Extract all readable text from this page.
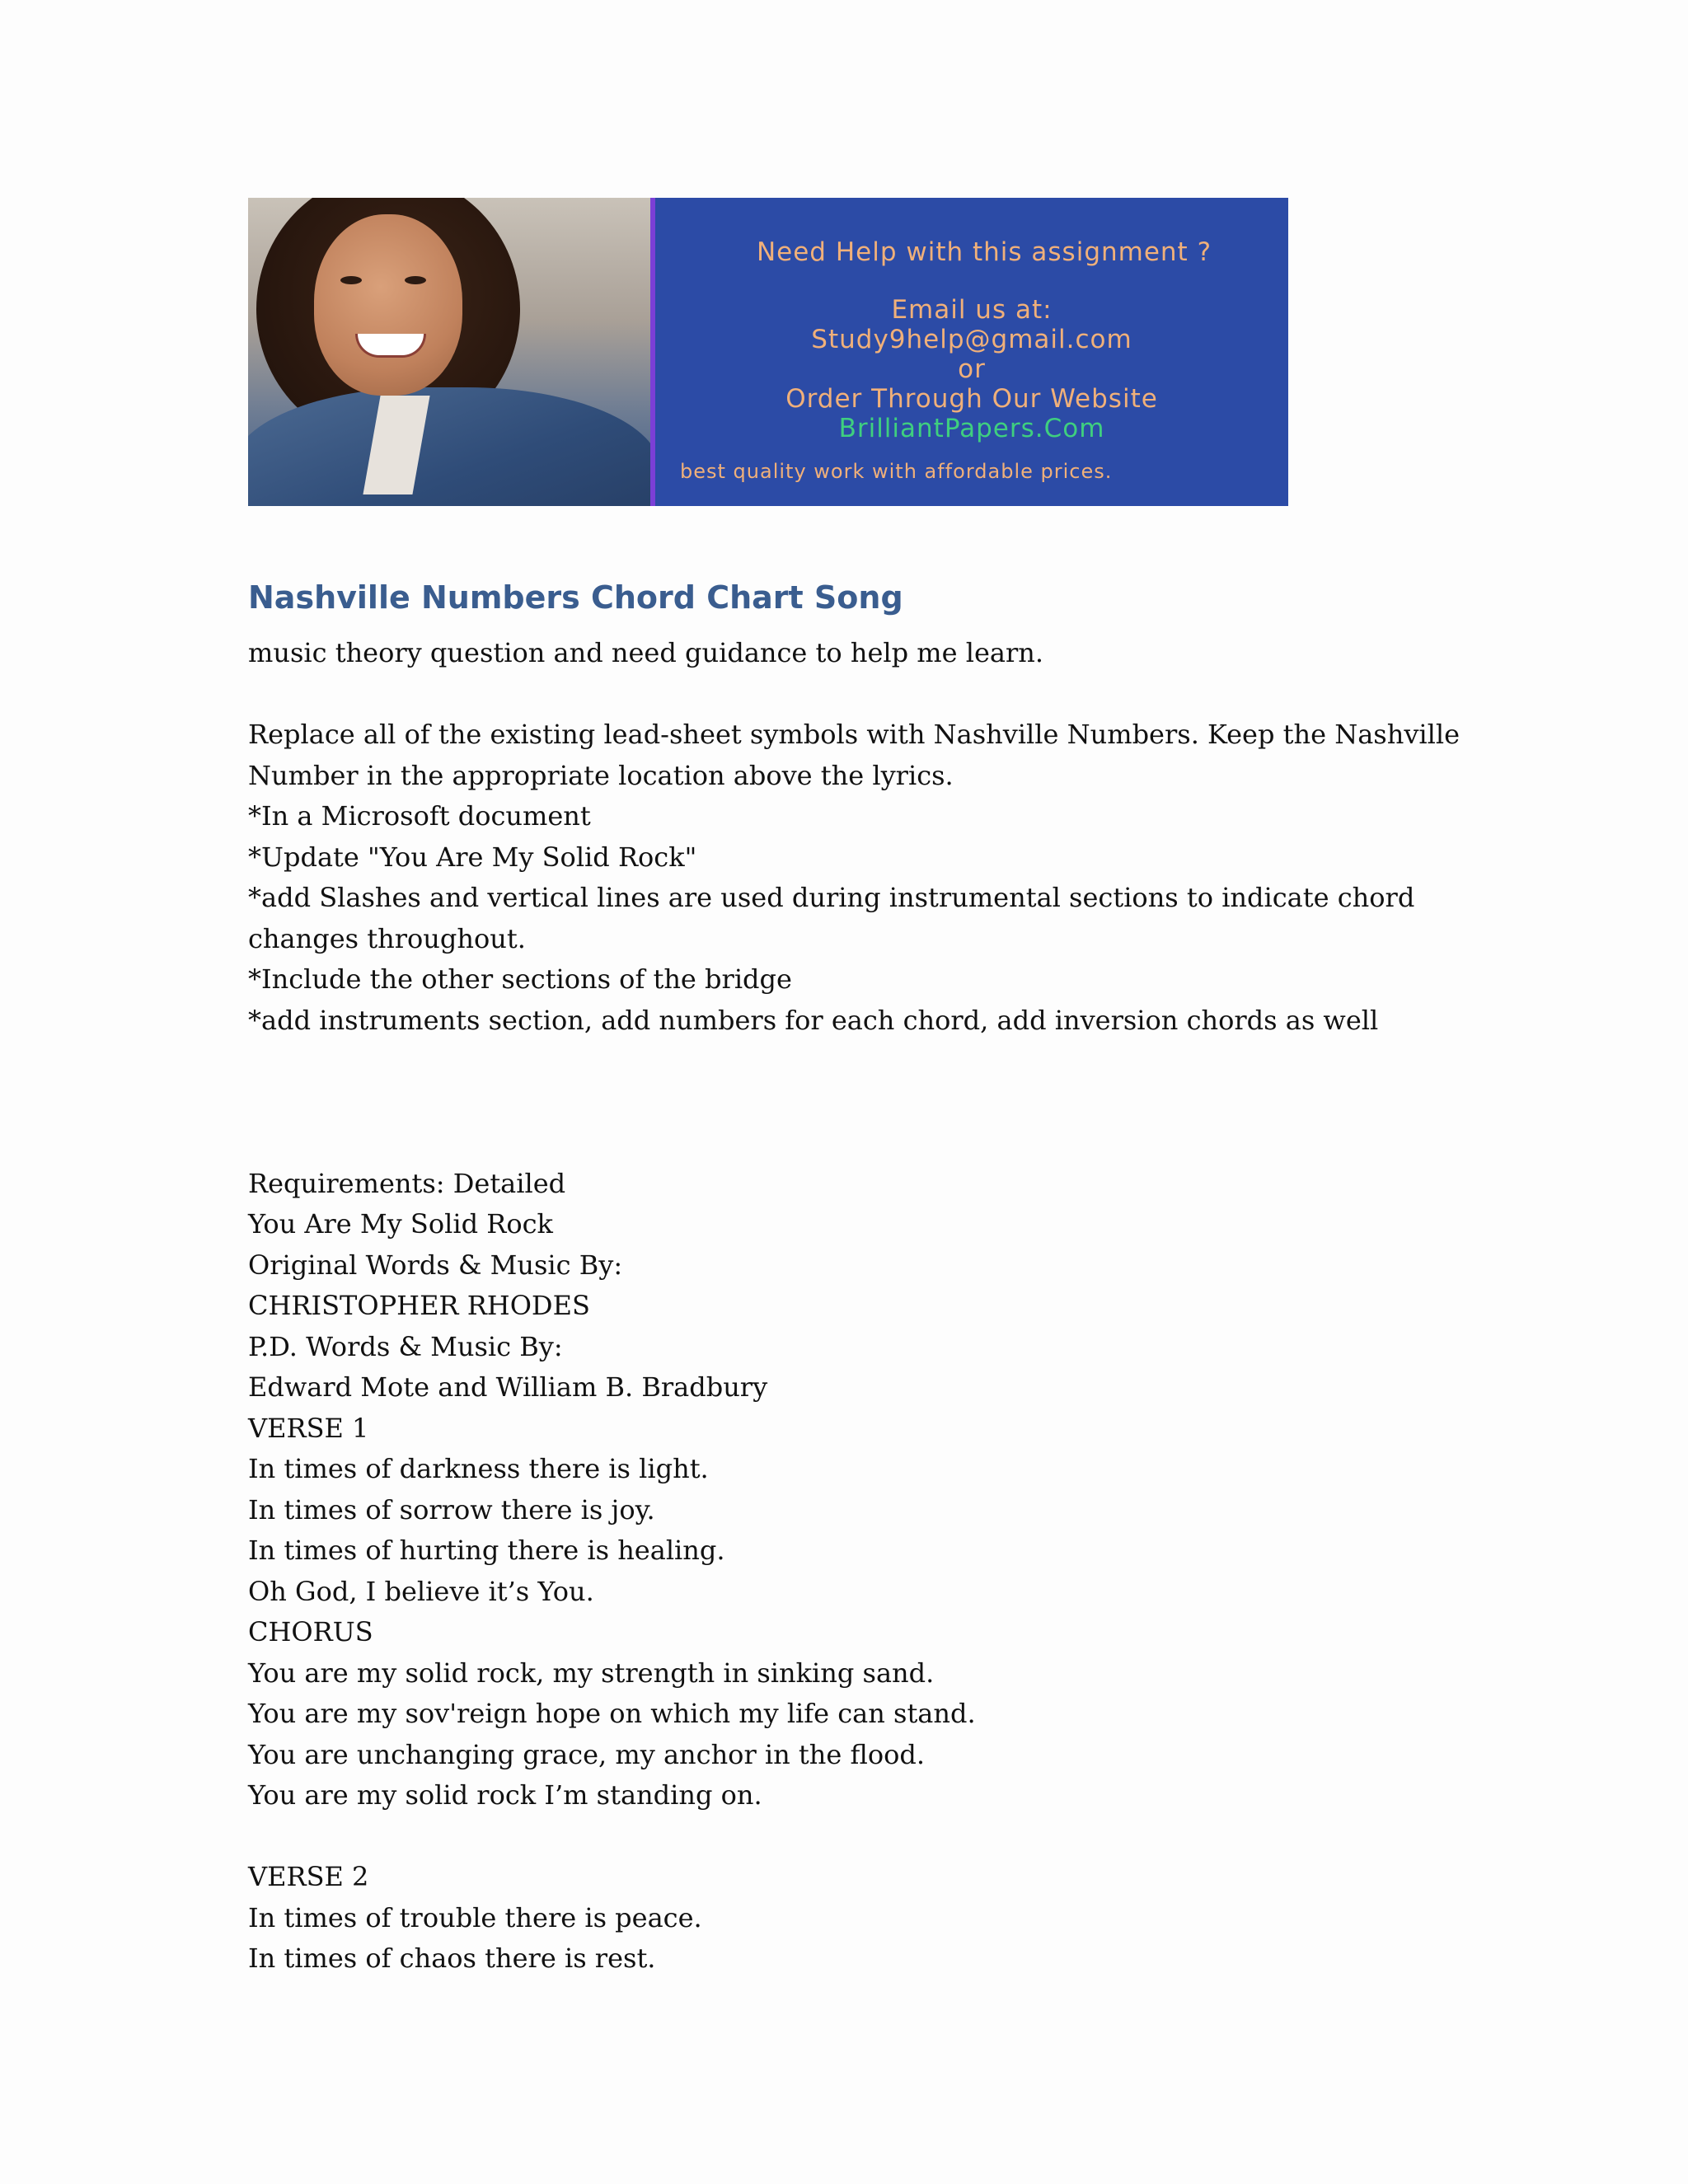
Need Help with this assignment ?
Email us at:
Study9help@gmail.com
or
Order Through Our Website
BrilliantPapers.Com
best quality work with affordable prices.
Nashville Numbers Chord Chart Song

music theory question and need guidance to help me learn.

Replace all of the existing lead-sheet symbols with Nashville Numbers. Keep the Nashville

Number in the appropriate location above the lyrics.

*In a Microsoft document

*Update "You Are My Solid Rock"

*add Slashes and vertical lines are used during instrumental sections to indicate chord

changes throughout.

*Include the other sections of the bridge

*add instruments section, add numbers for each chord, add inversion chords as well

Requirements: Detailed

You Are My Solid Rock

Original Words & Music By:

CHRISTOPHER RHODES

P.D. Words & Music By:

Edward Mote and William B. Bradbury

VERSE 1

In times of darkness there is light.

In times of sorrow there is joy.

In times of hurting there is healing.

Oh God, I believe it’s You.

CHORUS

You are my solid rock, my strength in sinking sand.

You are my sov'reign hope on which my life can stand.

You are unchanging grace, my anchor in the flood.

You are my solid rock I’m standing on.

VERSE 2

In times of trouble there is peace.

In times of chaos there is rest.
